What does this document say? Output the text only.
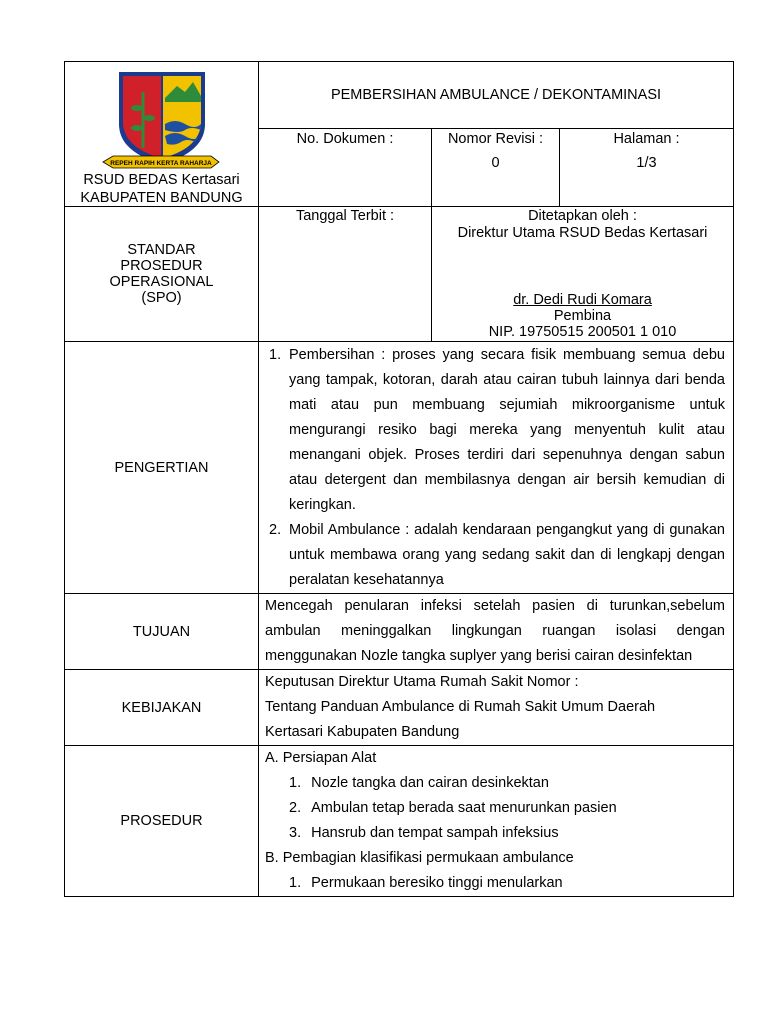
REPEH RAPIH KERTA RAHARJA
RSUD BEDAS Kertasari
KABUPATEN BANDUNG
PEMBERSIHAN AMBULANCE / DEKONTAMINASI
No. Dokumen :	Nomor Revisi :
0
Halaman :
1/3
STANDAR
PROSEDUR
OPERASIONAL
(SPO)
Tanggal Terbit :	Ditetapkan oleh :
Direktur Utama RSUD Bedas Kertasari
dr. Dedi Rudi Komara
Pembina
NIP. 19750515 200501 1 010
PENGERTIAN
1. Pembersihan : proses yang secara fisik membuang semua debu yang tampak, kotoran, darah atau cairan tubuh lainnya dari benda mati atau pun membuang sejumiah mikroorganisme untuk mengurangi resiko bagi mereka yang menyentuh kulit atau menangani objek. Proses terdiri dari sepenuhnya dengan sabun atau detergent dan membilasnya dengan air bersih kemudian di keringkan.
2. Mobil Ambulance : adalah kendaraan pengangkut yang di gunakan untuk membawa orang yang sedang sakit dan di lengkapj dengan peralatan kesehatannya
TUJUAN
Mencegah penularan infeksi setelah pasien di turunkan,sebelum ambulan meninggalkan lingkungan ruangan isolasi dengan menggunakan Nozle tangka suplyer yang berisi cairan desinfektan
KEBIJAKAN
Keputusan Direktur Utama Rumah Sakit Nomor :
Tentang Panduan Ambulance di Rumah Sakit Umum Daerah
Kertasari Kabupaten Bandung
PROSEDUR
A. Persiapan Alat
1. Nozle tangka dan cairan desinkektan
2. Ambulan tetap berada saat menurunkan pasien
3. Hansrub dan tempat sampah infeksius
B. Pembagian klasifikasi permukaan ambulance
1. Permukaan beresiko tinggi menularkan
